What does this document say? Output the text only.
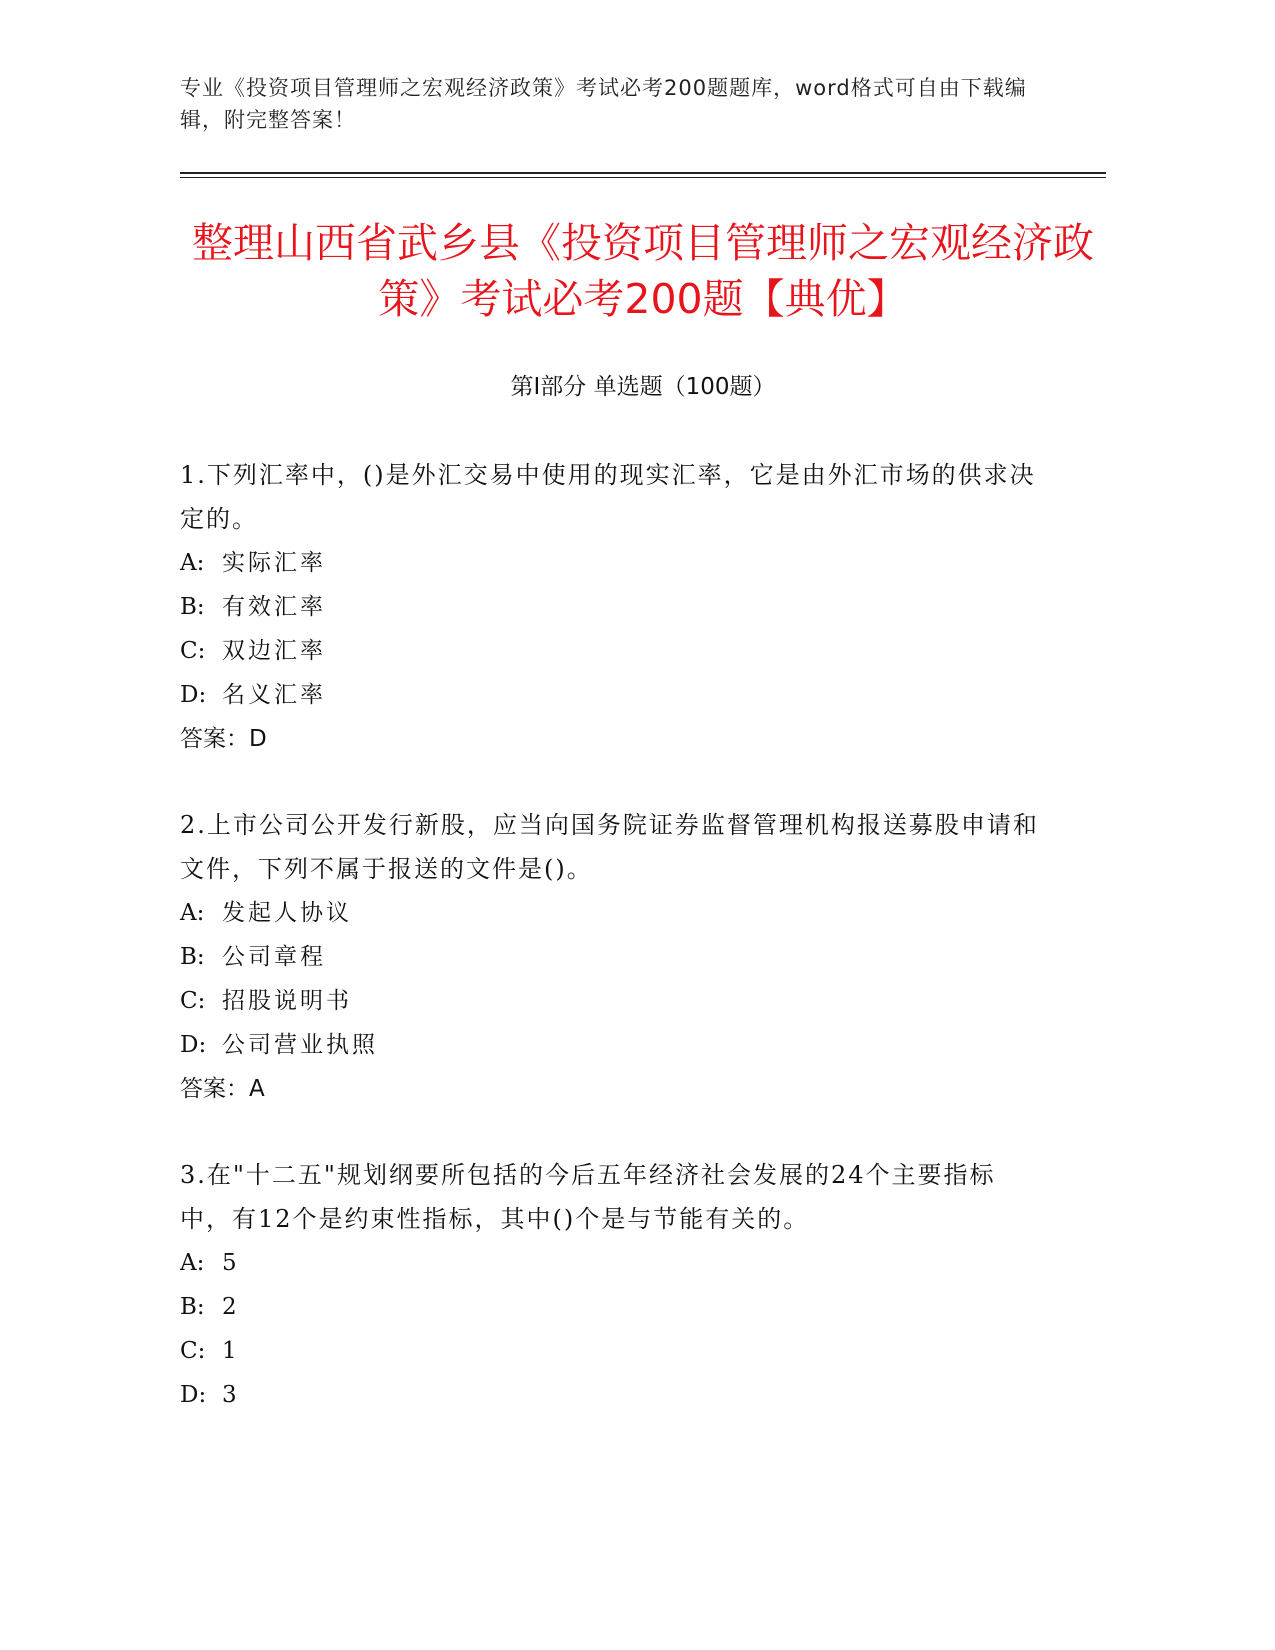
专业《投资项目管理师之宏观经济政策》考试必考200题题库，word格式可自由下载编辑，附完整答案！
整理山西省武乡县《投资项目管理师之宏观经济政策》考试必考200题【典优】
第Ⅰ部分 单选题（100题）
1.下列汇率中，()是外汇交易中使用的现实汇率，它是由外汇市场的供求决定的。
A: 实际汇率
B: 有效汇率
C: 双边汇率
D: 名义汇率
答案：D
2.上市公司公开发行新股，应当向国务院证券监督管理机构报送募股申请和文件，下列不属于报送的文件是()。
A: 发起人协议
B: 公司章程
C: 招股说明书
D: 公司营业执照
答案：A
3.在"十二五"规划纲要所包括的今后五年经济社会发展的24个主要指标中，有12个是约束性指标，其中()个是与节能有关的。
A: 5
B: 2
C: 1
D: 3
